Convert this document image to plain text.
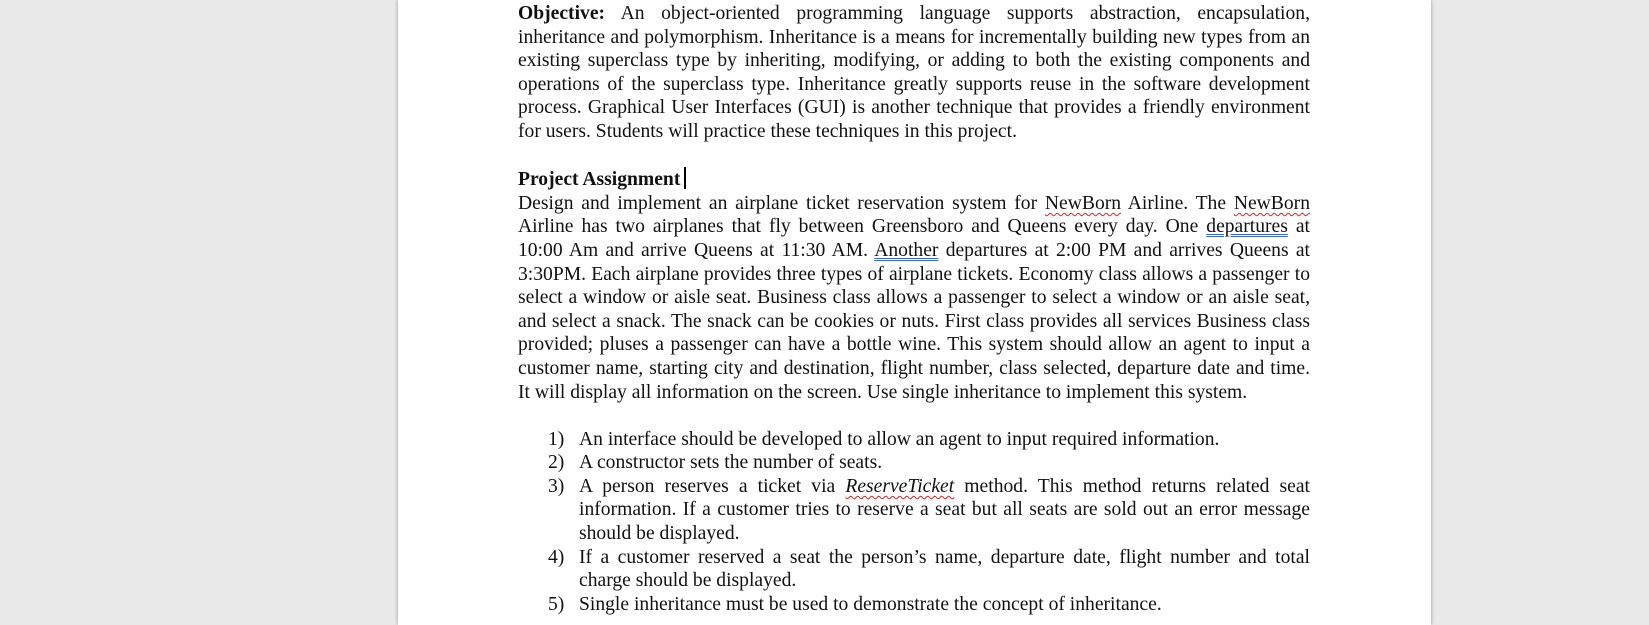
Objective: An object-oriented programming language supports abstraction, encapsulation, inheritance and polymorphism. Inheritance is a means for incrementally building new types from an existing superclass type by inheriting, modifying, or adding to both the existing components and operations of the superclass type. Inheritance greatly supports reuse in the software development process. Graphical User Interfaces (GUI) is another technique that provides a friendly environment for users. Students will practice these techniques in this project.

Project Assignment

Design and implement an airplane ticket reservation system for NewBorn Airline. The NewBorn Airline has two airplanes that fly between Greensboro and Queens every day. One departures at 10:00 Am and arrive Queens at 11:30 AM. Another departures at 2:00 PM and arrives Queens at 3:30PM. Each airplane provides three types of airplane tickets. Economy class allows a passenger to select a window or aisle seat. Business class allows a passenger to select a window or an aisle seat, and select a snack. The snack can be cookies or nuts. First class provides all services Business class provided; pluses a passenger can have a bottle wine. This system should allow an agent to input a customer name, starting city and destination, flight number, class selected, departure date and time. It will display all information on the screen. Use single inheritance to implement this system.

1) An interface should be developed to allow an agent to input required information.
2) A constructor sets the number of seats.
3) A person reserves a ticket via ReserveTicket method. This method returns related seat information. If a customer tries to reserve a seat but all seats are sold out an error message should be displayed.
4) If a customer reserved a seat the person’s name, departure date, flight number and total charge should be displayed.
5) Single inheritance must be used to demonstrate the concept of inheritance.
